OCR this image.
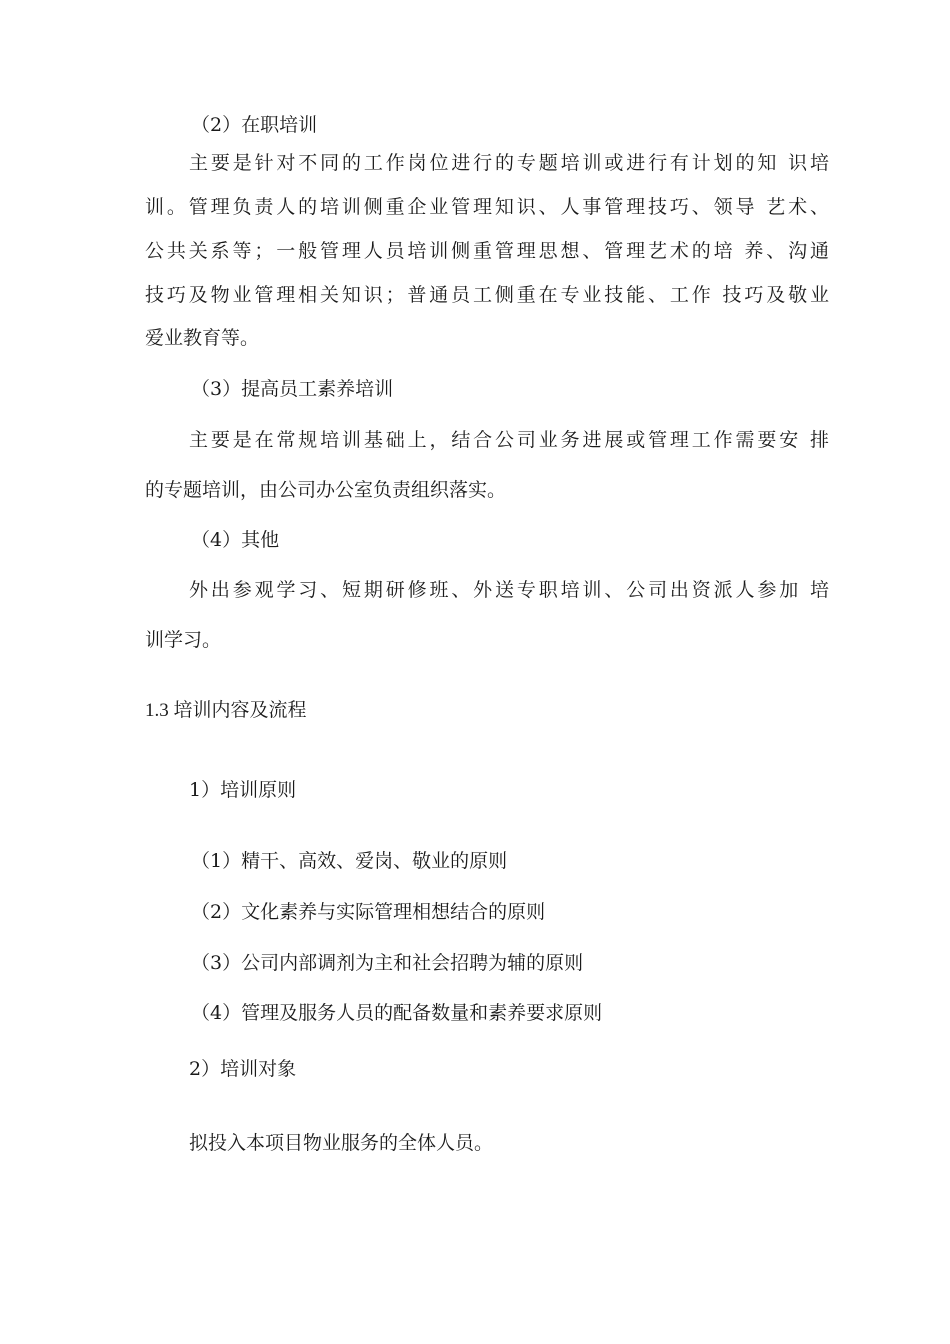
（2）在职培训
主要是针对不同的工作岗位进行的专题培训或进行有计划的知 识培
训。管理负责人的培训侧重企业管理知识、人事管理技巧、领导 艺术、
公共关系等；一般管理人员培训侧重管理思想、管理艺术的培 养、沟通
技巧及物业管理相关知识；普通员工侧重在专业技能、工作 技巧及敬业
爱业教育等。
（3）提高员工素养培训
主要是在常规培训基础上，结合公司业务进展或管理工作需要安 排
的专题培训，由公司办公室负责组织落实。
（4）其他
外出参观学习、短期研修班、外送专职培训、公司出资派人参加 培
训学习。
1.3 培训内容及流程
1）培训原则
（1）精干、高效、爱岗、敬业的原则
（2）文化素养与实际管理相想结合的原则
（3）公司内部调剂为主和社会招聘为辅的原则
（4）管理及服务人员的配备数量和素养要求原则
2）培训对象
拟投入本项目物业服务的全体人员。
